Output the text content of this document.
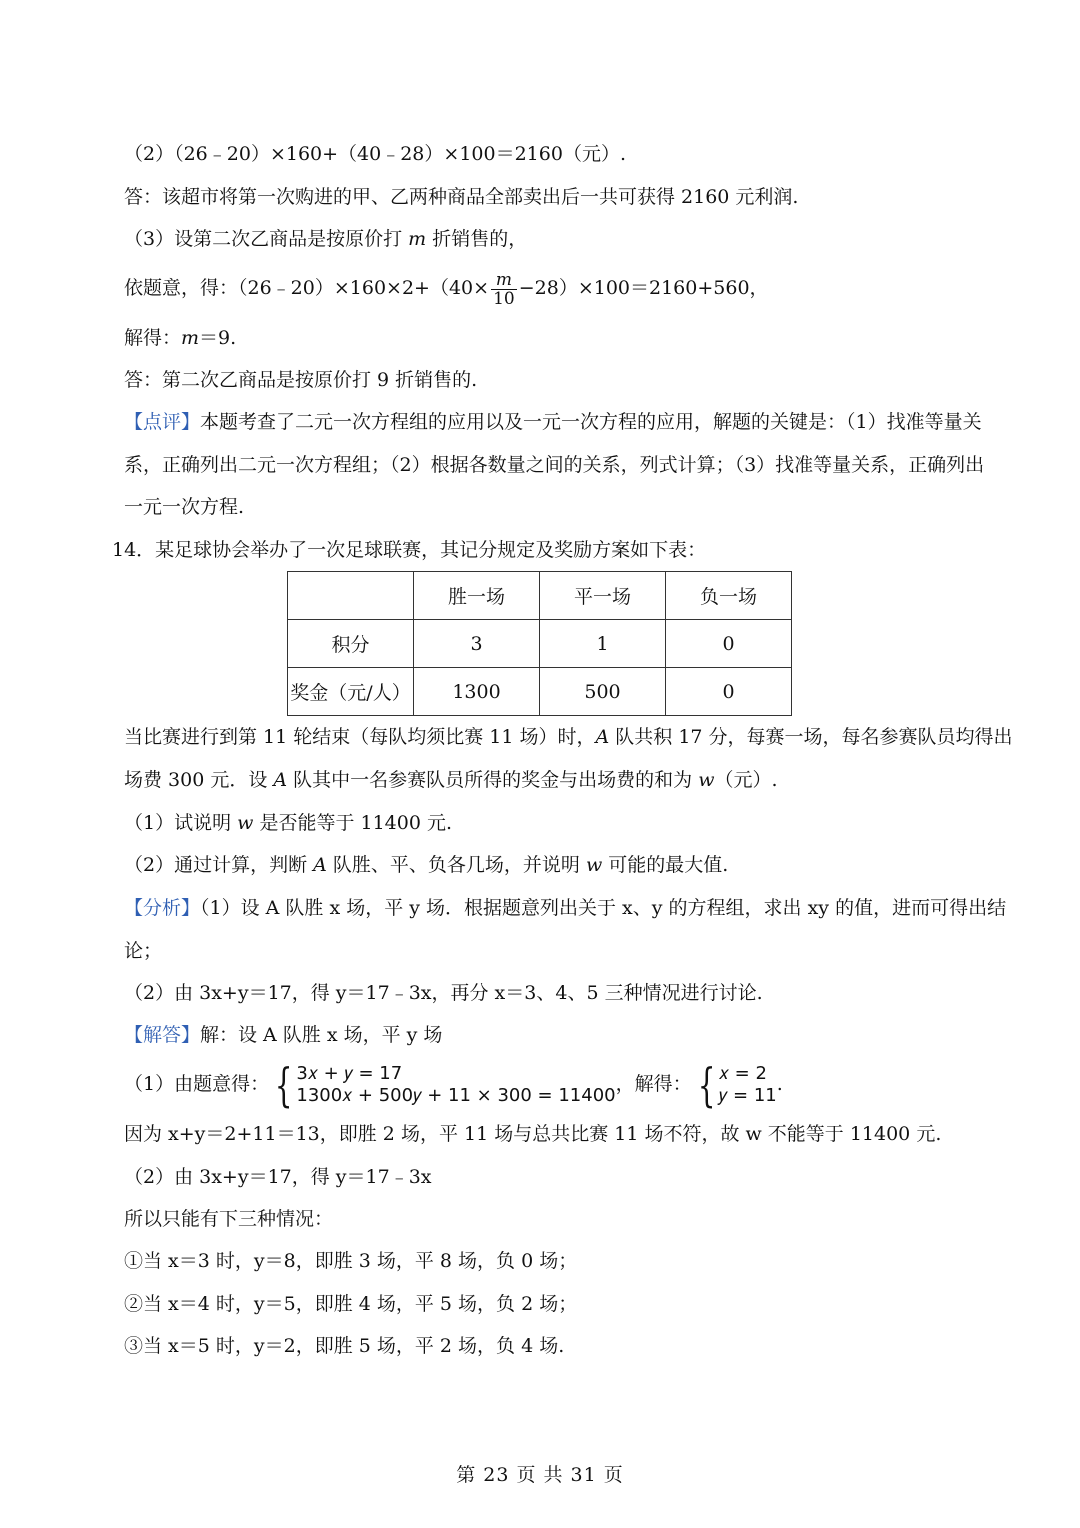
（2）（26﹣20）×160+（40﹣28）×100＝2160（元）.
答：该超市将第一次购进的甲、乙两种商品全部卖出后一共可获得 2160 元利润.
（3）设第二次乙商品是按原价打 m 折销售的，
依题意，得：（26﹣20）×160×2+（40× $\frac{m}{10} -28)\times 100=2160+560$，
解得：m＝9.
答：第二次乙商品是按原价打 9 折销售的.
【点评】本题考查了二元一次方程组的应用以及一元一次方程的应用，解题的关键是：（1）找准等量关
系，正确列出二元一次方程组；（2）根据各数量之间的关系，列式计算；（3）找准等量关系，正确列出
一元一次方程.
14．某足球协会举办了一次足球联赛，其记分规定及奖励方案如下表：
	胜一场	平一场	负一场
积分	3	1	0
奖金（元/人）	1300	500	0
当比赛进行到第 11 轮结束（每队均须比赛 11 场）时，A 队共积 17 分，每赛一场，每名参赛队员均得出
场费 300 元．设 A 队其中一名参赛队员所得的奖金与出场费的和为 w（元）.
（1）试说明 w 是否能等于 11400 元.
（2）通过计算，判断 A 队胜、平、负各几场，并说明 w 可能的最大值.
【分析】（1）设 A 队胜 x 场，平 y 场．根据题意列出关于 x、y 的方程组，求出 xy 的值，进而可得出结
论；
（2）由 3x+y＝17，得 y＝17﹣3x，再分 x＝3、4、5 三种情况进行讨论.
【解答】解：设 A 队胜 x 场，平 y 场
（1）由题意得： { 3𝑥 + 𝑦 = 17
1300𝑥 + 500𝑦 + 11 × 300 = 11400
，解得： { 𝑥 = 2
𝑦 = 11
.
因为 x+y＝2+11＝13，即胜 2 场，平 11 场与总共比赛 11 场不符，故 w 不能等于 11400 元.
（2）由 3x+y＝17，得 y＝17﹣3x
所以只能有下三种情况：
①当 x＝3 时，y＝8，即胜 3 场，平 8 场，负 0 场；
②当 x＝4 时，y＝5，即胜 4 场，平 5 场，负 2 场；
③当 x＝5 时，y＝2，即胜 5 场，平 2 场，负 4 场.
第 23 页 共 31 页
